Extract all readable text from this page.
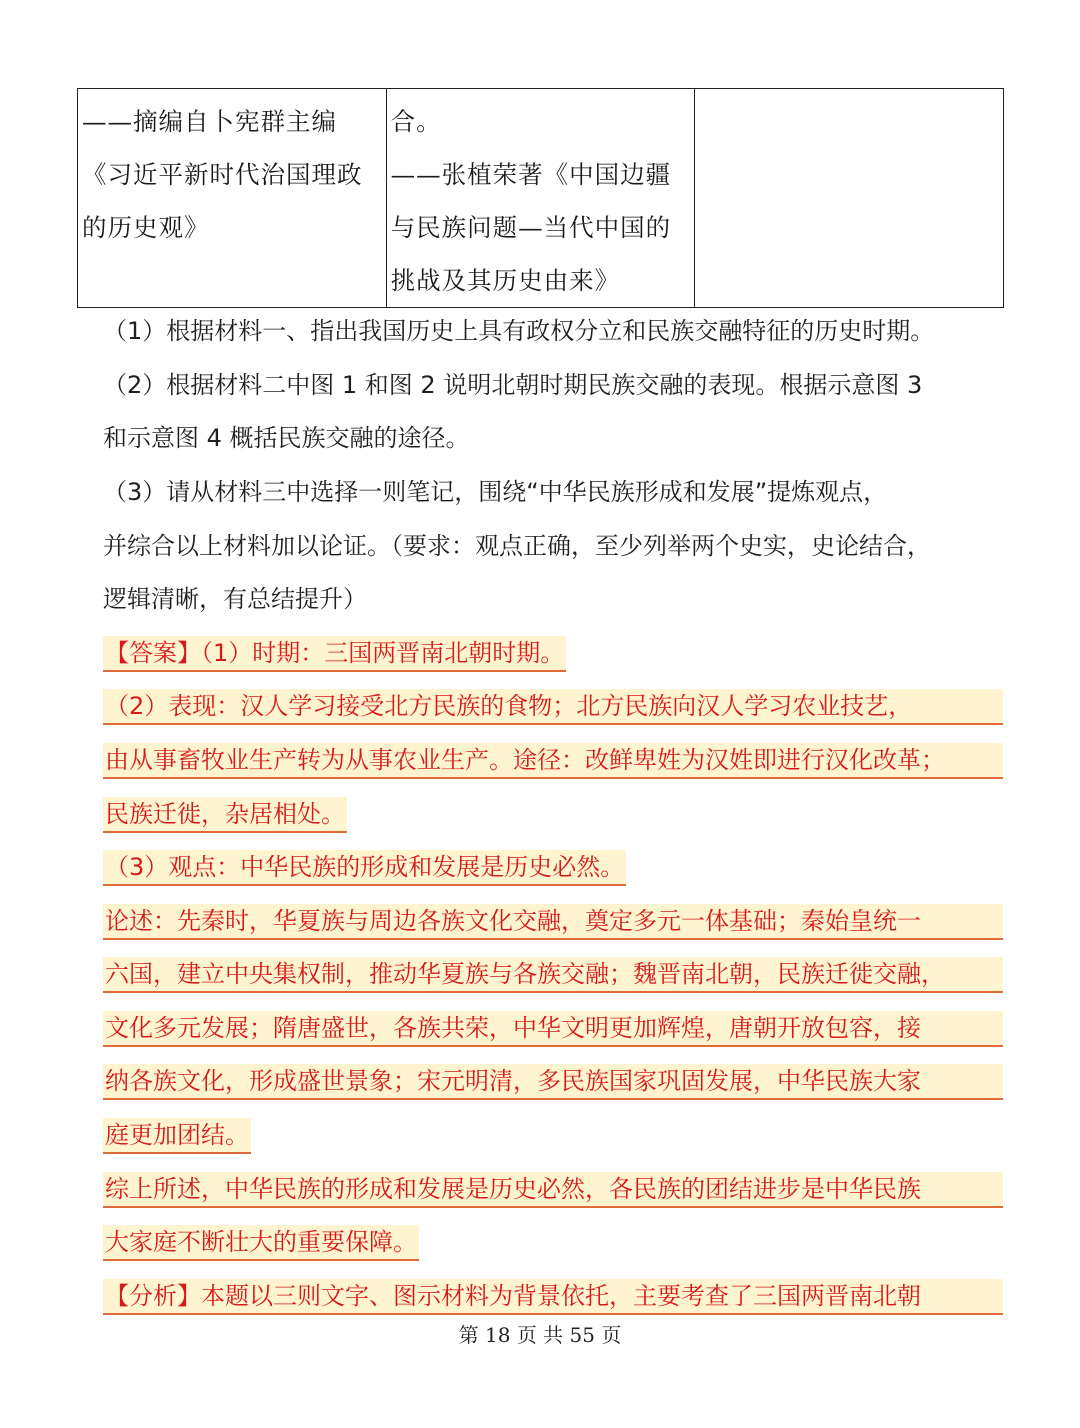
——摘编自卜宪群主编
《习近平新时代治国理政
的历史观》

合。
——张植荣著《中国边疆
与民族问题—当代中国的
挑战及其历史由来》

（1）根据材料一、指出我国历史上具有政权分立和民族交融特征的历史时期。
（2）根据材料二中图 1 和图 2 说明北朝时期民族交融的表现。根据示意图 3
和示意图 4 概括民族交融的途径。
（3）请从材料三中选择一则笔记，围绕“中华民族形成和发展”提炼观点，
并综合以上材料加以论证。（要求：观点正确，至少列举两个史实，史论结合，
逻辑清晰，有总结提升）
【答案】（1）时期：三国两晋南北朝时期。
（2）表现：汉人学习接受北方民族的食物；北方民族向汉人学习农业技艺，
由从事畜牧业生产转为从事农业生产。途径：改鲜卑姓为汉姓即进行汉化改革；
民族迁徙，杂居相处。
（3）观点：中华民族的形成和发展是历史必然。
论述：先秦时，华夏族与周边各族文化交融，奠定多元一体基础；秦始皇统一
六国，建立中央集权制，推动华夏族与各族交融；魏晋南北朝，民族迁徙交融，
文化多元发展；隋唐盛世，各族共荣，中华文明更加辉煌，唐朝开放包容，接
纳各族文化，形成盛世景象；宋元明清，多民族国家巩固发展，中华民族大家
庭更加团结。
综上所述，中华民族的形成和发展是历史必然，各民族的团结进步是中华民族
大家庭不断壮大的重要保障。
【分析】本题以三则文字、图示材料为背景依托，主要考查了三国两晋南北朝
第 18 页 共 55 页
